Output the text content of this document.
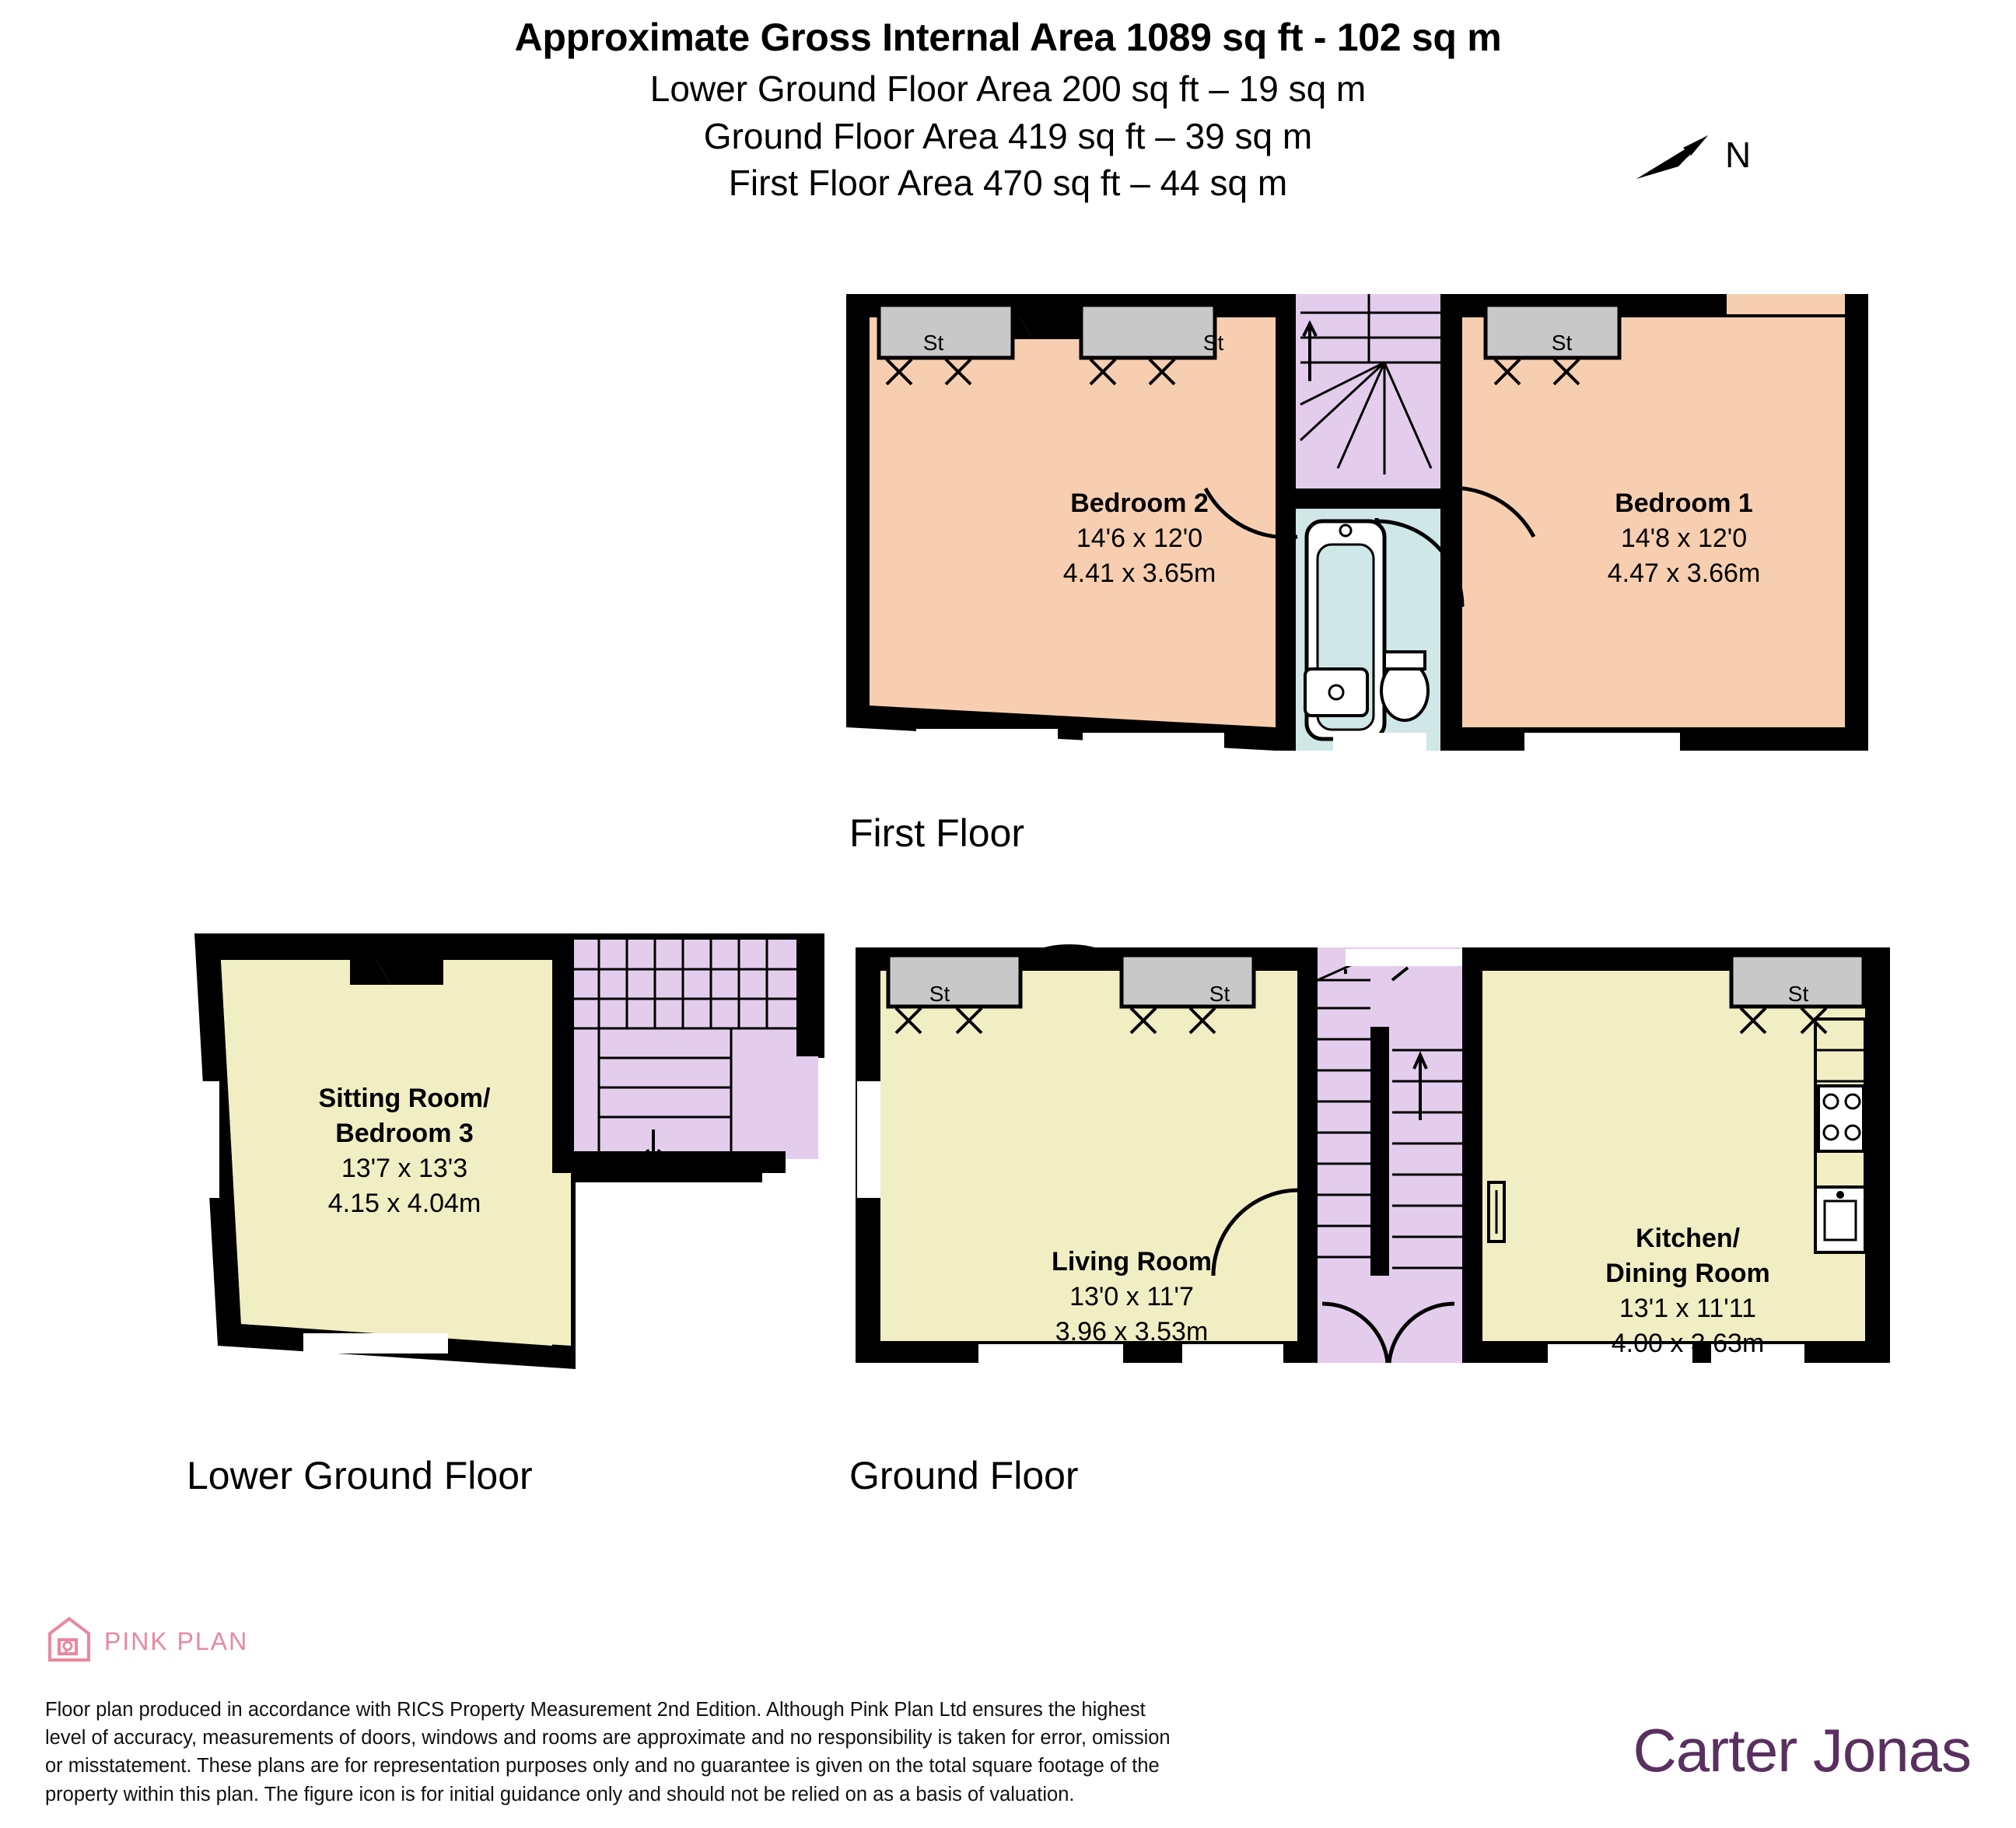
Approximate Gross Internal Area 1089 sq ft - 102 sq m
Lower Ground Floor Area 200 sq ft – 19 sq m
Ground Floor Area 419 sq ft – 39 sq m
First Floor Area 470 sq ft – 44 sq m
N
Bedroom 2
14'6 x 12'0
4.41 x 3.65m
Bedroom 1
14'8 x 12'0
4.47 x 3.66m
St	St	St
First Floor
Sitting Room/
Bedroom 3
13'7 x 13'3
4.15 x 4.04m
Lower Ground Floor
Living Room
13'0 x 11'7
3.96 x 3.53m
Kitchen/
Dining Room
13'1 x 11'11
4.00 x 3.63m
St	St	St
Ground Floor
PINK PLAN
Floor plan produced in accordance with RICS Property Measurement 2nd Edition. Although Pink Plan Ltd ensures the highest level of accuracy, measurements of doors, windows and rooms are approximate and no responsibility is taken for error, omission or misstatement. These plans are for representation purposes only and no guarantee is given on the total square footage of the property within this plan. The figure icon is for initial guidance only and should not be relied on as a basis of valuation.
Carter Jonas
